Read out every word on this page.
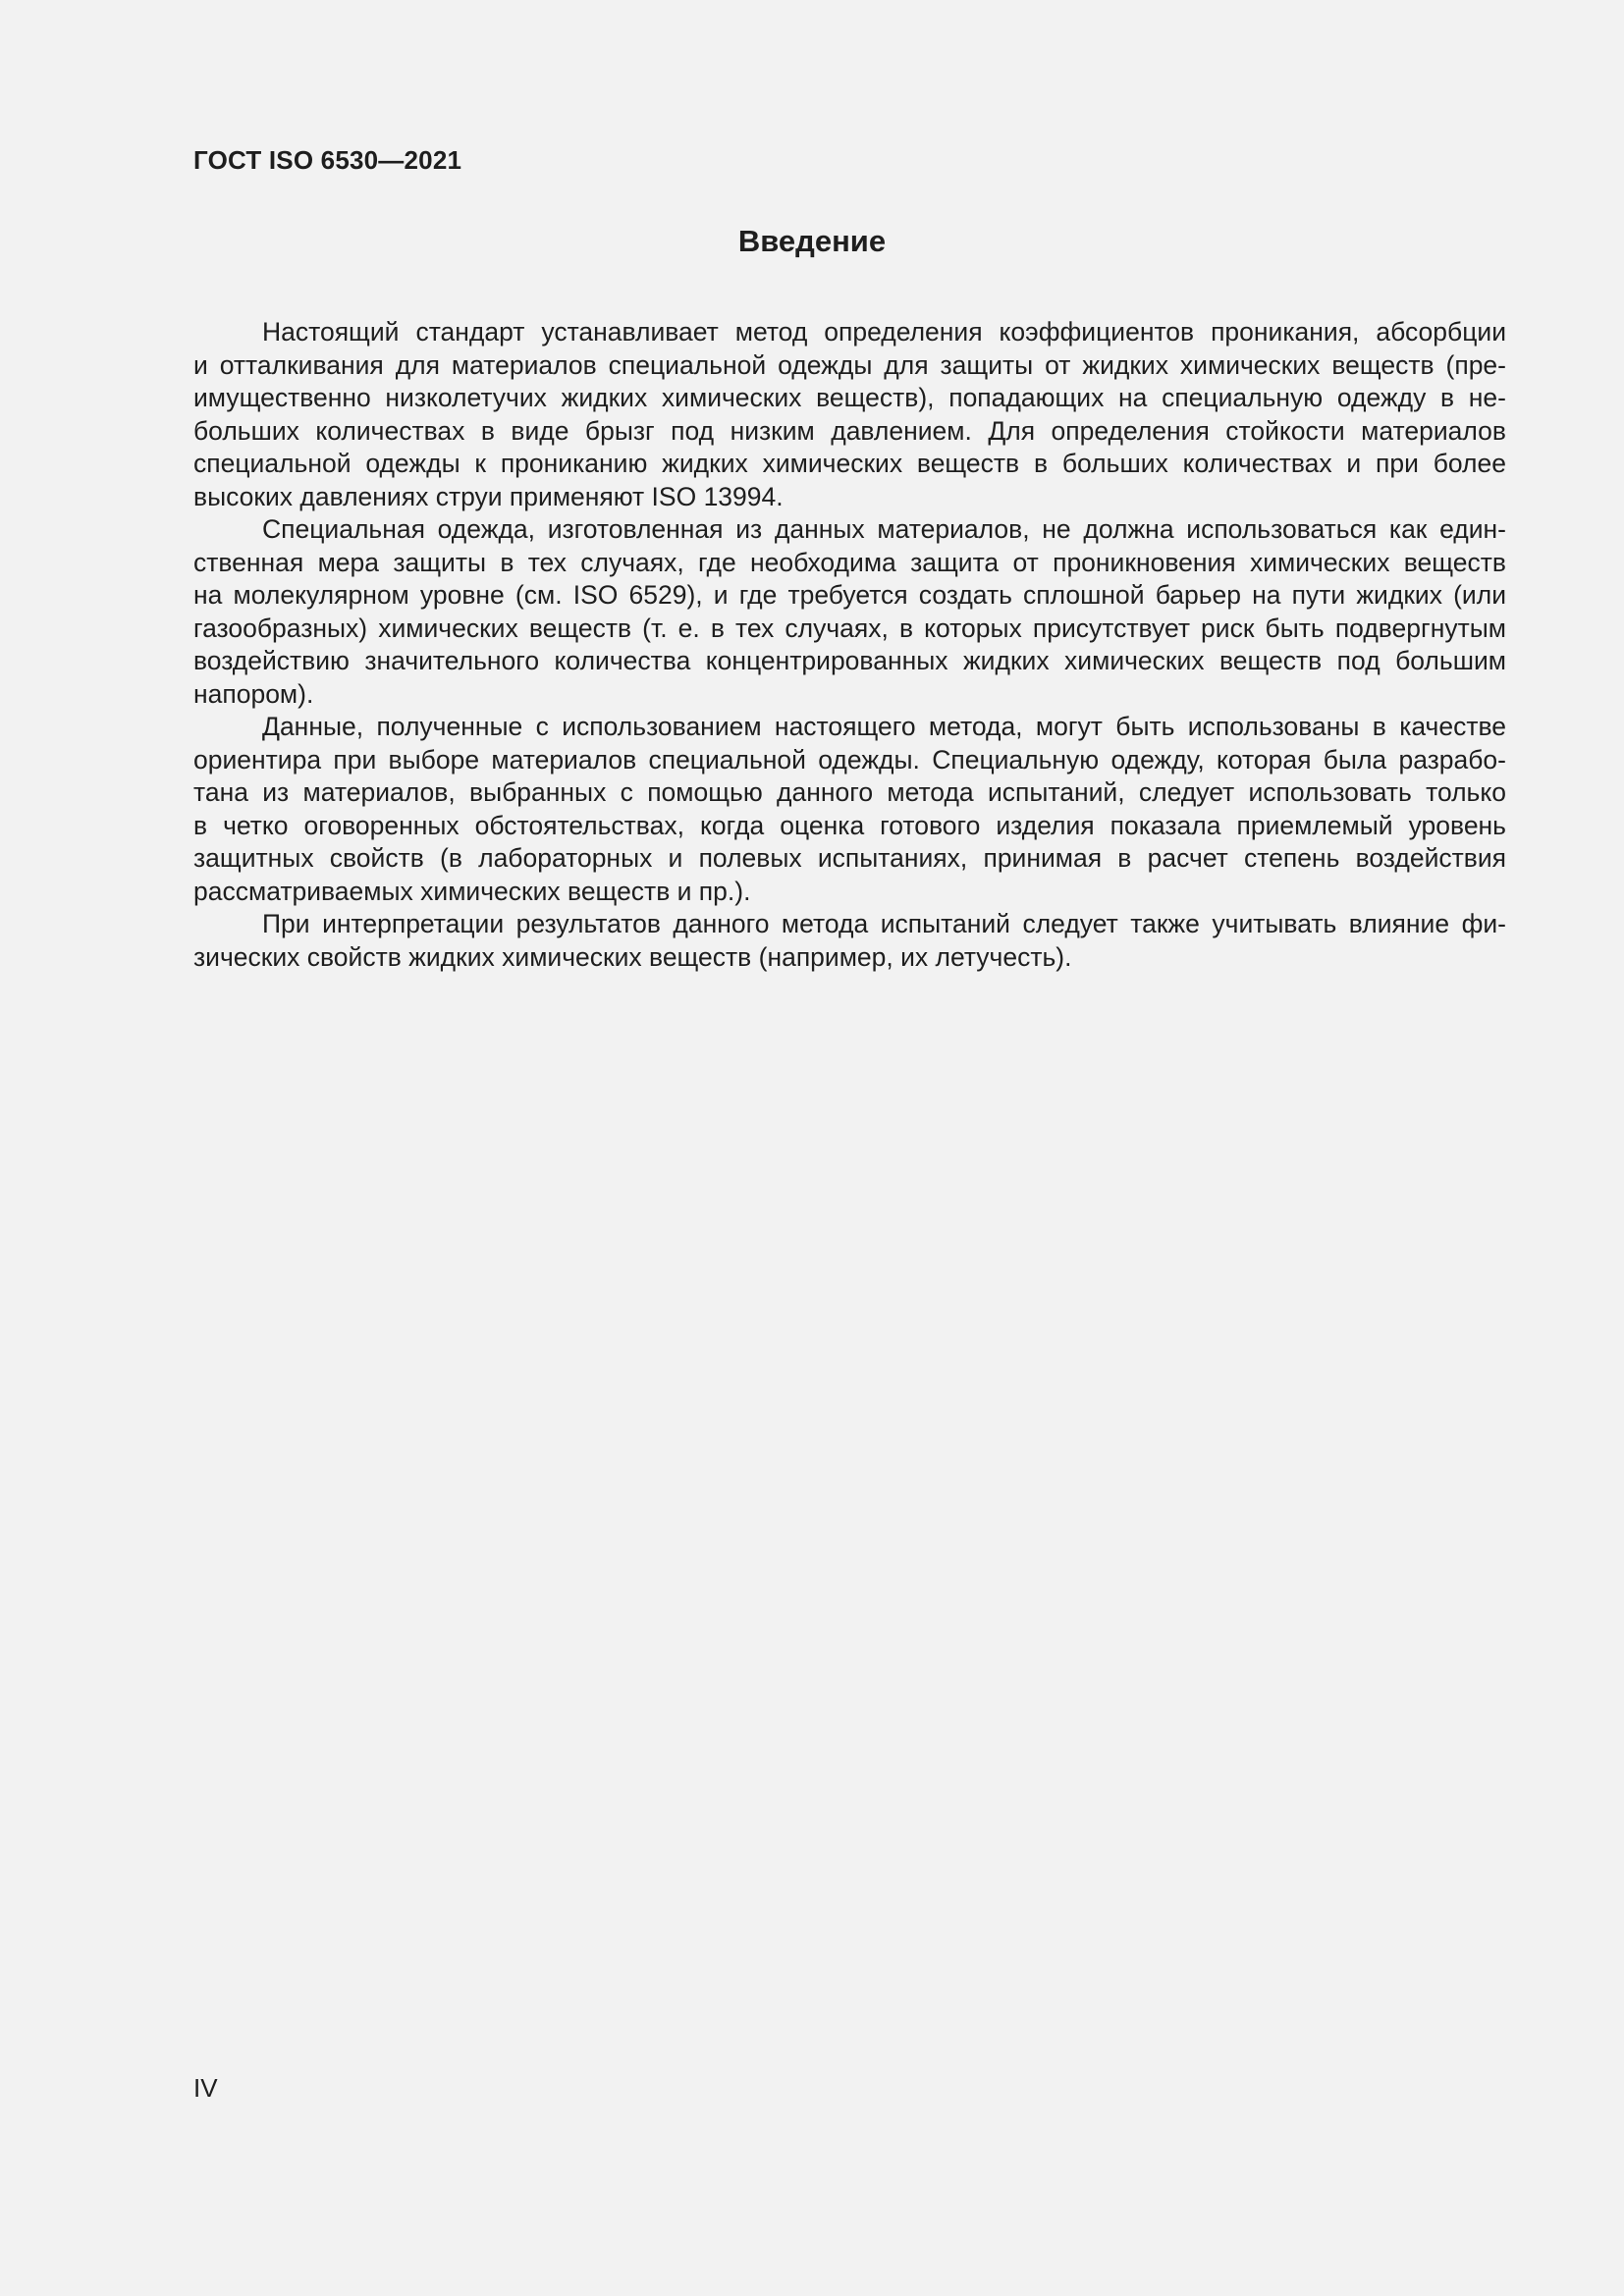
ГОСТ ISO 6530—2021
Введение
Настоящий стандарт устанавливает метод определения коэффициентов проникания, абсорбции
и отталкивания для материалов специальной одежды для защиты от жидких химических веществ (пре-
имущественно низколетучих жидких химических веществ), попадающих на специальную одежду в не-
больших количествах в виде брызг под низким давлением. Для определения стойкости материалов
специальной одежды к прониканию жидких химических веществ в больших количествах и при более
высоких давлениях струи применяют ISO 13994.
Специальная одежда, изготовленная из данных материалов, не должна использоваться как един-
ственная мера защиты в тех случаях, где необходима защита от проникновения химических веществ
на молекулярном уровне (см. ISO 6529), и где требуется создать сплошной барьер на пути жидких (или
газообразных) химических веществ (т. е. в тех случаях, в которых присутствует риск быть подвергнутым
воздействию значительного количества концентрированных жидких химических веществ под большим
напором).
Данные, полученные с использованием настоящего метода, могут быть использованы в качестве
ориентира при выборе материалов специальной одежды. Специальную одежду, которая была разрабо-
тана из материалов, выбранных с помощью данного метода испытаний, следует использовать только
в четко оговоренных обстоятельствах, когда оценка готового изделия показала приемлемый уровень
защитных свойств (в лабораторных и полевых испытаниях, принимая в расчет степень воздействия
рассматриваемых химических веществ и пр.).
При интерпретации результатов данного метода испытаний следует также учитывать влияние фи-
зических свойств жидких химических веществ (например, их летучесть).
IV
